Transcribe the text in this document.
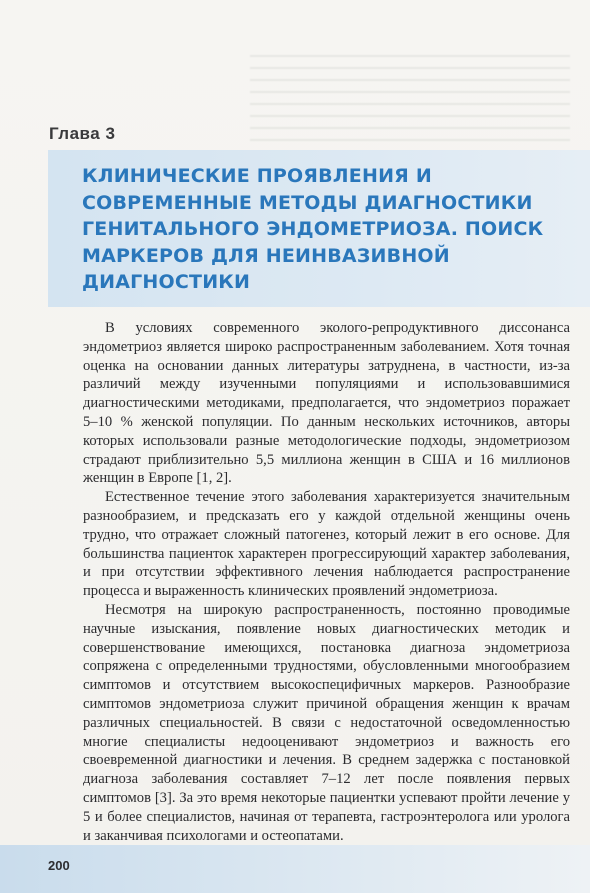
Глава 3
КЛИНИЧЕСКИЕ ПРОЯВЛЕНИЯ И СОВРЕМЕННЫЕ МЕТОДЫ ДИАГНОСТИКИ ГЕНИТАЛЬНОГО ЭНДОМЕТРИОЗА. ПОИСК МАРКЕРОВ ДЛЯ НЕИНВАЗИВНОЙ ДИАГНОСТИКИ

В условиях современного эколого-репродуктивного диссонанса эндометриоз является широко распространенным заболеванием. Хотя точная оценка на основании данных литературы затруднена, в частности, из-за различий между изученными популяциями и использовавшимися диагностическими методиками, предполагается, что эндометриоз поражает 5–10 % женской популяции. По данным нескольких источников, авторы которых использовали разные методологические подходы, эндометриозом страдают приблизительно 5,5 миллиона женщин в США и 16 миллионов женщин в Европе [1, 2].

Естественное течение этого заболевания характеризуется значительным разнообразием, и предсказать его у каждой отдельной женщины очень трудно, что отражает сложный патогенез, который лежит в его основе. Для большинства пациенток характерен прогрессирующий характер заболевания, и при отсутствии эффективного лечения наблюдается распространение процесса и выраженность клинических проявлений эндометриоза.

Несмотря на широкую распространенность, постоянно проводимые научные изыскания, появление новых диагностических методик и совершенствование имеющихся, постановка диагноза эндометриоза сопряжена с определенными трудностями, обусловленными многообразием симптомов и отсутствием высокоспецифичных маркеров. Разнообразие симптомов эндометриоза служит причиной обращения женщин к врачам различных специальностей. В связи с недостаточной осведомленностью многие специалисты недооценивают эндометриоз и важность его своевременной диагностики и лечения. В среднем задержка с постановкой диагноза заболевания составляет 7–12 лет после появления первых симптомов [3]. За это время некоторые пациентки успевают пройти лечение у 5 и более специалистов, начиная от терапевта, гастроэнтеролога или уролога и заканчивая психологами и остеопатами.

200
